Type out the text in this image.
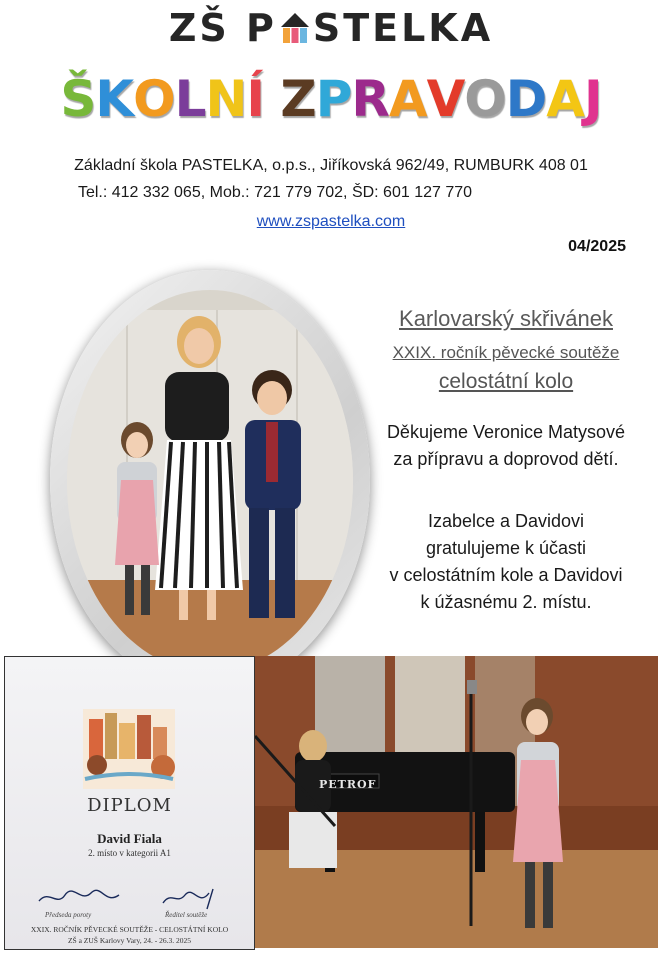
ZŠ P STELKA
ŠKOLNÍ ZPRAVODAJ
Základní škola PASTELKA, o.p.s., Jiříkovská 962/49, RUMBURK 408 01
Tel.: 412 332 065, Mob.: 721 779 702, ŠD: 601 127 770
www.zspastelka.com
04/2025
Karlovarský skřivánek
XXIX. ročník pěvecké soutěže
celostátní kolo
Děkujeme Veronice Matysové
za přípravu a doprovod dětí.
Izabelce a Davidovi
gratulujeme k účasti
v celostátním kole a Davidovi
k úžasnému 2. místu.
DIPLOM
David Fiala
2. místo v kategorii A1
Předseda poroty	Ředitel soutěže
XXIX. ROČNÍK PĚVECKÉ SOUTĚŽE - CELOSTÁTNÍ KOLO
ZŠ a ZUŠ Karlovy Vary, 24. - 26.3. 2025
PETROF
